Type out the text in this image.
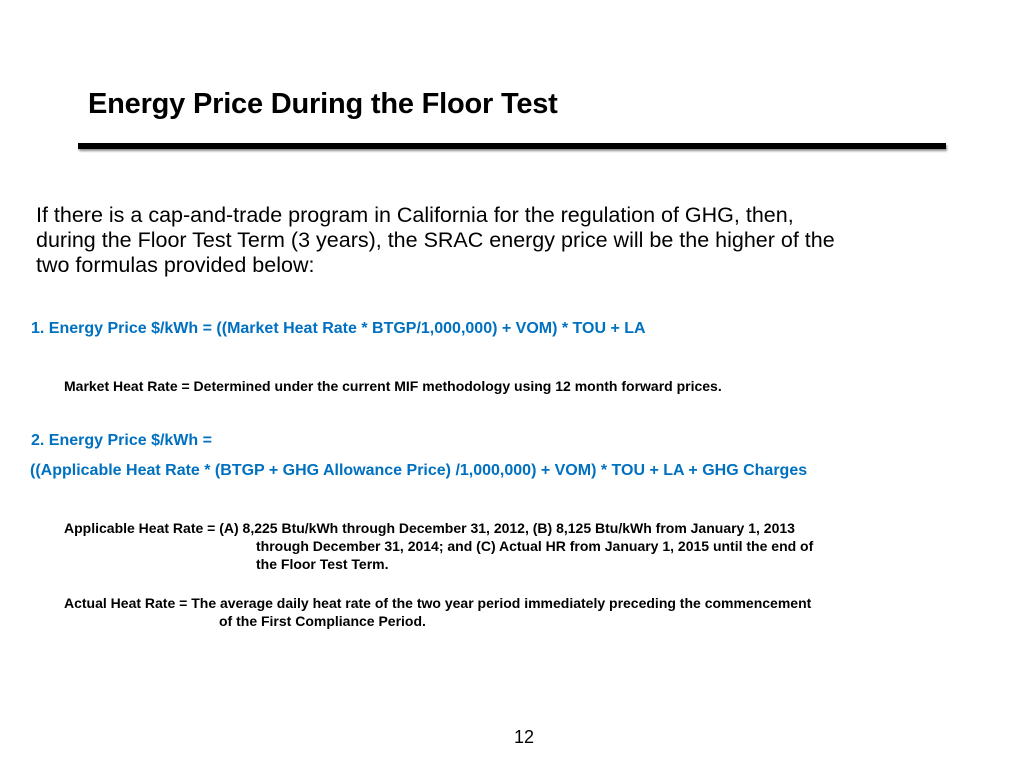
Energy Price During the Floor Test

If there is a cap-and-trade program in California for the regulation of GHG, then,
during the Floor Test Term (3 years), the SRAC energy price will be the higher of the
two formulas provided below:

1. Energy Price $/kWh = ((Market Heat Rate * BTGP/1,000,000) + VOM) * TOU + LA

Market Heat Rate = Determined under the current MIF methodology using 12 month forward prices.

2. Energy Price $/kWh =

((Applicable Heat Rate * (BTGP + GHG Allowance Price) /1,000,000) + VOM) * TOU + LA + GHG Charges

Applicable Heat Rate = (A) 8,225 Btu/kWh through December 31, 2012, (B) 8,125 Btu/kWh from January 1, 2013
through December 31, 2014; and (C) Actual HR from January 1, 2015 until the end of
the Floor Test Term.

Actual Heat Rate = The average daily heat rate of the two year period immediately preceding the commencement
of the First Compliance Period.

12
